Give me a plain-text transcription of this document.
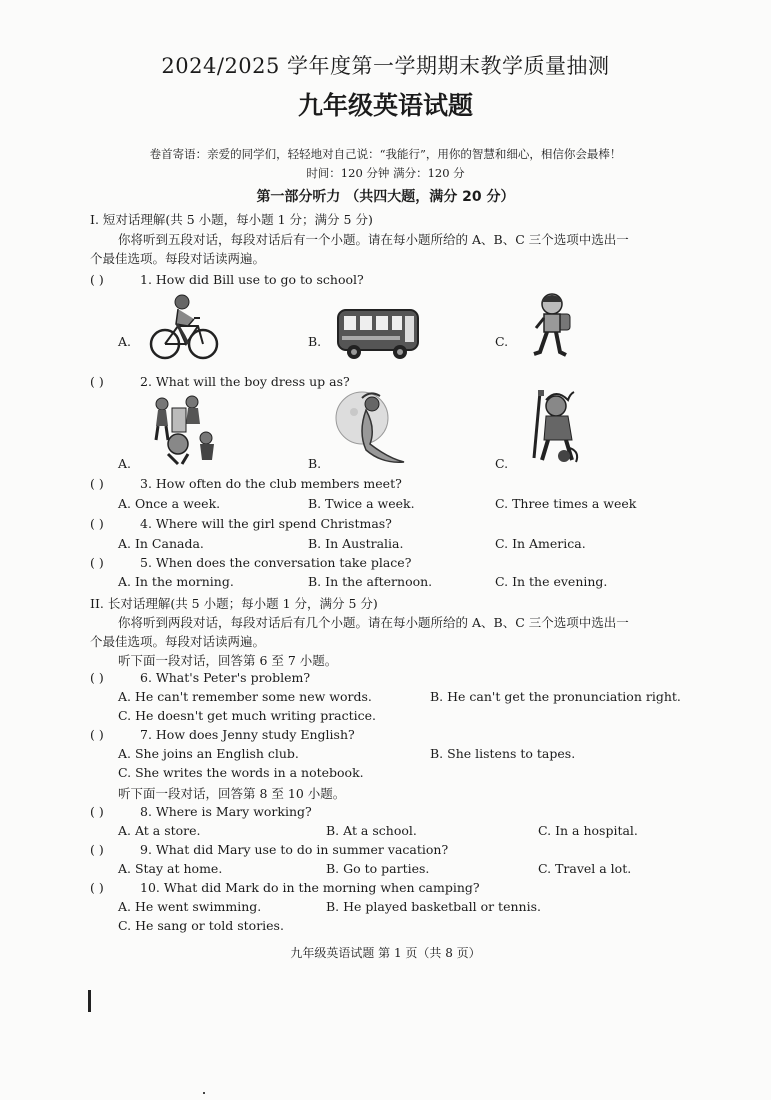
2024/2025 学年度第一学期期末教学质量抽测
九年级英语试题
卷首寄语：亲爱的同学们，轻轻地对自己说：“我能行”，用你的智慧和细心，相信你会最棒！
时间：120 分钟 满分：120 分
第一部分听力 （共四大题，满分 20 分）
I. 短对话理解(共 5 小题，每小题 1 分；满分 5 分)
你将听到五段对话，每段对话后有一个小题。请在每小题所给的 A、B、C 三个选项中选出一
个最佳选项。每段对话读两遍。
( )	1. How did Bill use to go to school?
A.	B.	C.
( )	2. What will the boy dress up as?
A.	B.	C.
( )	3. How often do the club members meet?
A. Once a week.	B. Twice a week.	C. Three times a week
( )	4. Where will the girl spend Christmas?
A. In Canada.	B. In Australia.	C. In America.
( )	5. When does the conversation take place?
A. In the morning.	B. In the afternoon.	C. In the evening.
II. 长对话理解(共 5 小题；每小题 1 分，满分 5 分)
你将听到两段对话，每段对话后有几个小题。请在每小题所给的 A、B、C 三个选项中选出一
个最佳选项。每段对话读两遍。
听下面一段对话，回答第 6 至 7 小题。
( )	6. What's Peter's problem?
A. He can't remember some new words.	B. He can't get the pronunciation right.
C. He doesn't get much writing practice.
( )	7. How does Jenny study English?
A. She joins an English club.	B. She listens to tapes.
C. She writes the words in a notebook.
听下面一段对话，回答第 8 至 10 小题。
( )	8. Where is Mary working?
A. At a store.	B. At a school.	C. In a hospital.
( )	9. What did Mary use to do in summer vacation?
A. Stay at home.	B. Go to parties.	C. Travel a lot.
( )	10. What did Mark do in the morning when camping?
A. He went swimming.	B. He played basketball or tennis.
C. He sang or told stories.
九年级英语试题 第 1 页（共 8 页）
